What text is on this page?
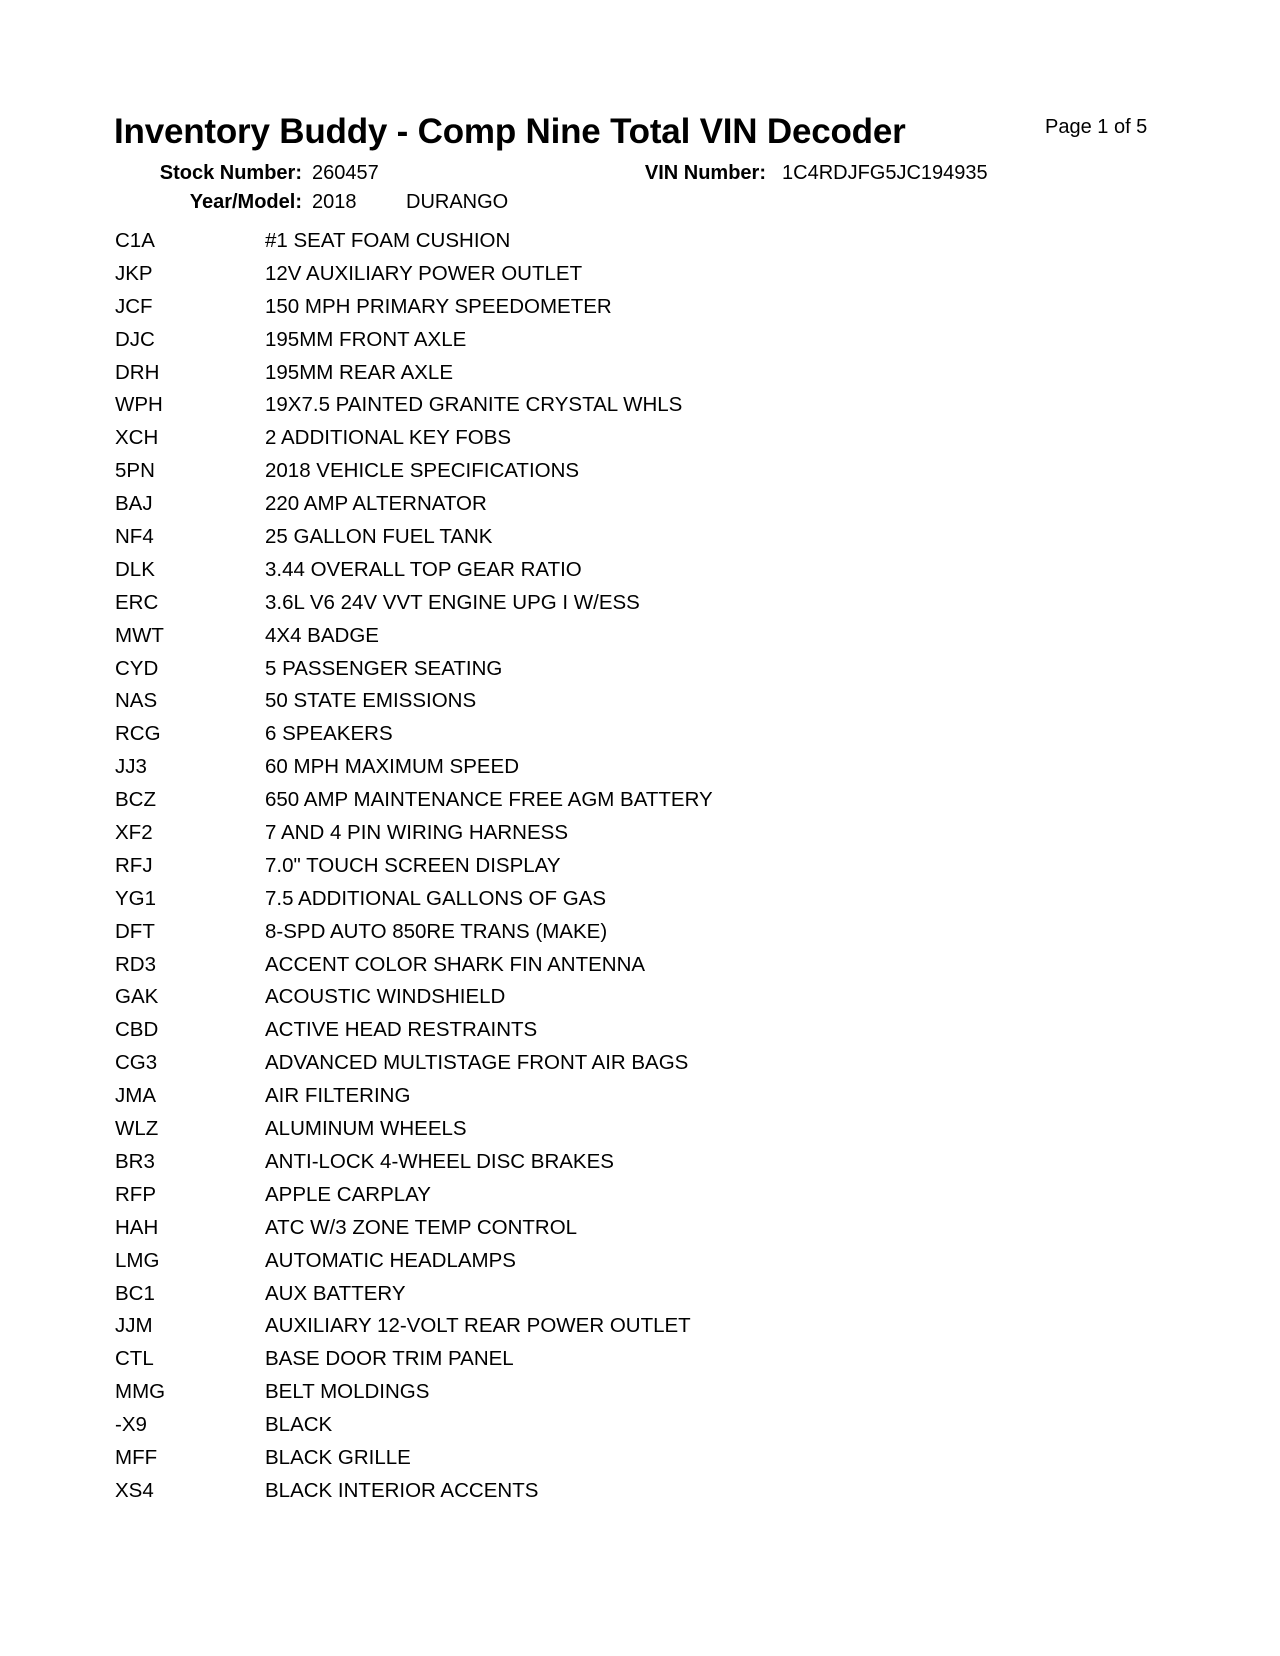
Inventory Buddy - Comp Nine Total VIN Decoder	Page 1 of 5
Stock Number: 260457	VIN Number: 1C4RDJFG5JC194935
Year/Model: 2018 DURANGO
C1A	#1 SEAT FOAM CUSHION
JKP	12V AUXILIARY POWER OUTLET
JCF	150 MPH PRIMARY SPEEDOMETER
DJC	195MM FRONT AXLE
DRH	195MM REAR AXLE
WPH	19X7.5 PAINTED GRANITE CRYSTAL WHLS
XCH	2 ADDITIONAL KEY FOBS
5PN	2018 VEHICLE SPECIFICATIONS
BAJ	220 AMP ALTERNATOR
NF4	25 GALLON FUEL TANK
DLK	3.44 OVERALL TOP GEAR RATIO
ERC	3.6L V6 24V VVT ENGINE UPG I W/ESS
MWT	4X4 BADGE
CYD	5 PASSENGER SEATING
NAS	50 STATE EMISSIONS
RCG	6 SPEAKERS
JJ3	60 MPH MAXIMUM SPEED
BCZ	650 AMP MAINTENANCE FREE AGM BATTERY
XF2	7 AND 4 PIN WIRING HARNESS
RFJ	7.0" TOUCH SCREEN DISPLAY
YG1	7.5 ADDITIONAL GALLONS OF GAS
DFT	8-SPD AUTO 850RE TRANS (MAKE)
RD3	ACCENT COLOR SHARK FIN ANTENNA
GAK	ACOUSTIC WINDSHIELD
CBD	ACTIVE HEAD RESTRAINTS
CG3	ADVANCED MULTISTAGE FRONT AIR BAGS
JMA	AIR FILTERING
WLZ	ALUMINUM WHEELS
BR3	ANTI-LOCK 4-WHEEL DISC BRAKES
RFP	APPLE CARPLAY
HAH	ATC W/3 ZONE TEMP CONTROL
LMG	AUTOMATIC HEADLAMPS
BC1	AUX BATTERY
JJM	AUXILIARY 12-VOLT REAR POWER OUTLET
CTL	BASE DOOR TRIM PANEL
MMG	BELT MOLDINGS
-X9	BLACK
MFF	BLACK GRILLE
XS4	BLACK INTERIOR ACCENTS
